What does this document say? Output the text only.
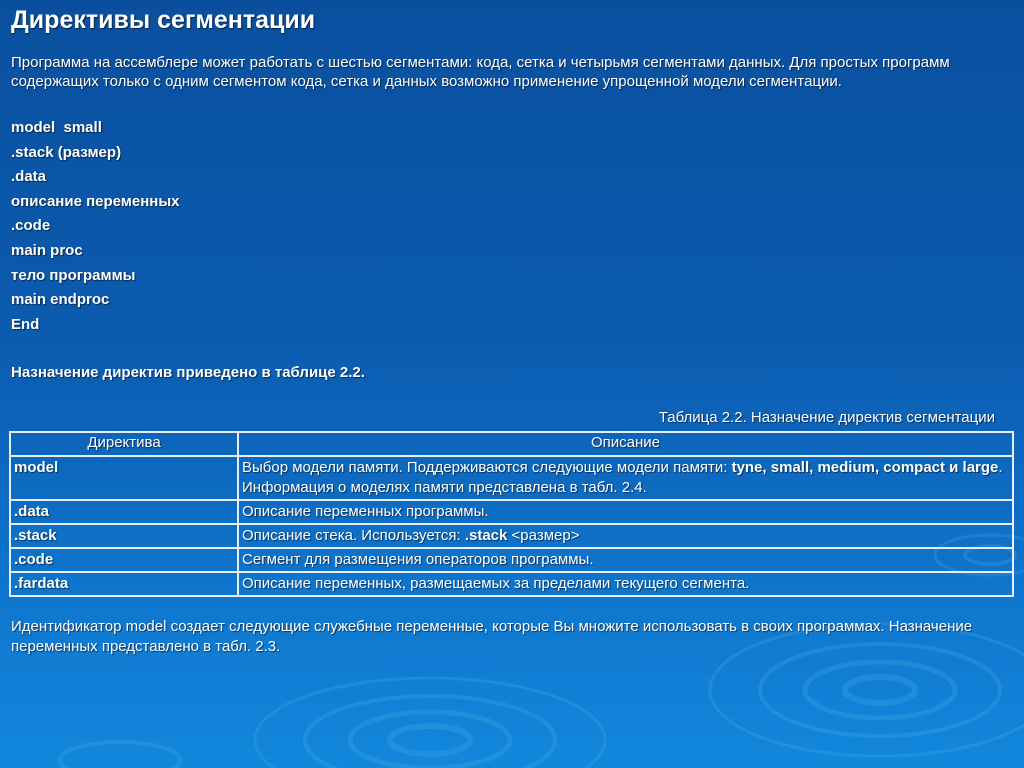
Директивы сегментации

Программа на ассемблере может работать с шестью сегментами: кода, сетка и четырьмя сегментами данных. Для простых программ содержащих только с одним сегментом кода, сетка и данных возможно применение упрощенной модели сегментации.

model  small
.stack (размер)
.data
описание переменных
.code
main proc
тело программы
main endproc
End

Назначение директив приведено в таблице 2.2.

Таблица 2.2. Назначение директив сегментации

Директива	Описание
model	Выбор модели памяти. Поддерживаются следующие модели памяти: tyne, small, medium, compact и large. Информация о моделях памяти представлена в табл. 2.4.
.data	Описание переменных программы.
.stack	Описание стека. Используется: .stack <размер>
.code	Сегмент для размещения операторов программы.
.fardata	Описание переменных, размещаемых за пределами текущего сегмента.

Идентификатор model создает следующие служебные переменные, которые Вы множите использовать в своих программах. Назначение переменных представлено в табл. 2.3.
